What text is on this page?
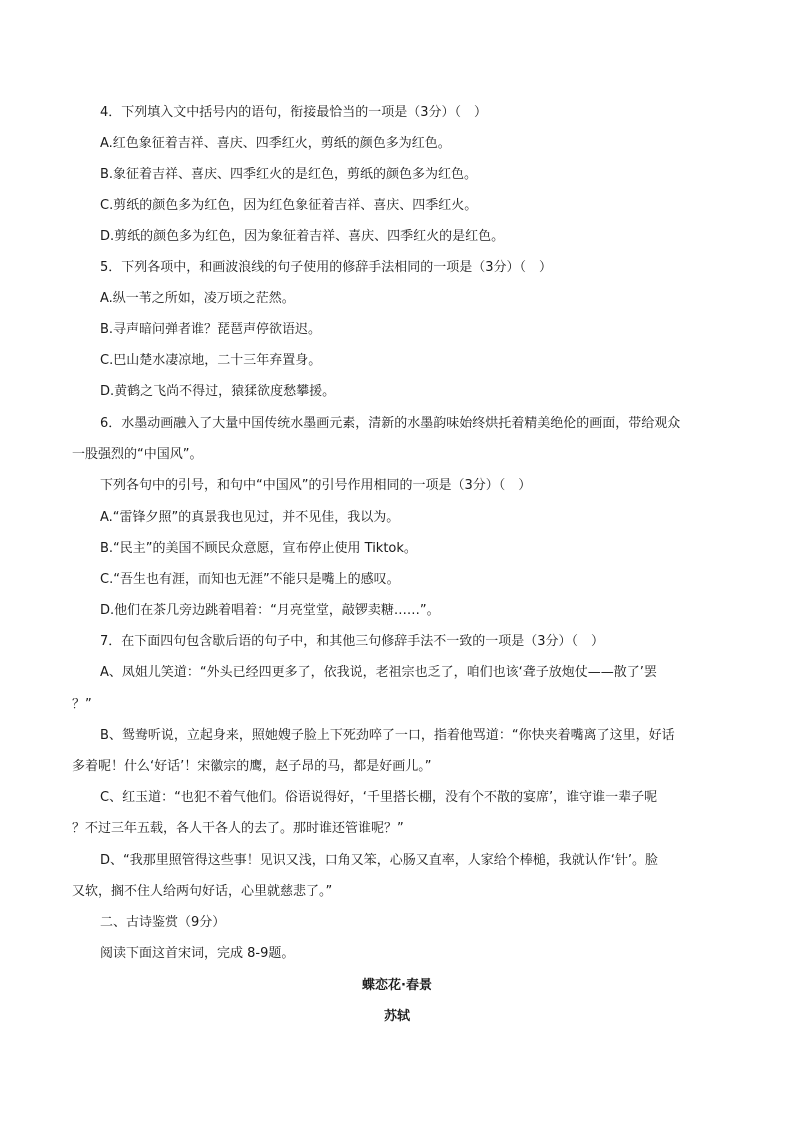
4．下列填入文中括号内的语句，衔接最恰当的一项是（3分）（　）
A.红色象征着吉祥、喜庆、四季红火，剪纸的颜色多为红色。
B.象征着吉祥、喜庆、四季红火的是红色，剪纸的颜色多为红色。
C.剪纸的颜色多为红色，因为红色象征着吉祥、喜庆、四季红火。
D.剪纸的颜色多为红色，因为象征着吉祥、喜庆、四季红火的是红色。
5．下列各项中，和画波浪线的句子使用的修辞手法相同的一项是（3分）（　）
A.纵一苇之所如，凌万顷之茫然。
B.寻声暗问弹者谁？琵琶声停欲语迟。
C.巴山楚水凄凉地，二十三年弃置身。
D.黄鹤之飞尚不得过，猿猱欲度愁攀援。
6．水墨动画融入了大量中国传统水墨画元素，清新的水墨韵味始终烘托着精美绝伦的画面，带给观众
一股强烈的“中国风”。
下列各句中的引号，和句中“中国风”的引号作用相同的一项是（3分）（　）
A.“雷锋夕照”的真景我也见过，并不见佳，我以为。
B.“民主”的美国不顾民众意愿，宣布停止使用 Tiktok。
C.“吾生也有涯，而知也无涯”不能只是嘴上的感叹。
D.他们在茶几旁边跳着唱着：“月亮堂堂，敲锣卖糖……”。
7．在下面四句包含歇后语的句子中，和其他三句修辞手法不一致的一项是（3分）（　）
A、凤姐儿笑道：“外头已经四更多了，依我说，老祖宗也乏了，咱们也该‘聋子放炮仗——散了’罢
？”
B、鸳鸯听说，立起身来，照她嫂子脸上下死劲啐了一口，指着他骂道：“你快夹着嘴离了这里，好话
多着呢！什么‘好话’！宋徽宗的鹰，赵子昂的马，都是好画儿。”
C、红玉道：“也犯不着气他们。俗语说得好，‘千里搭长棚，没有个不散的宴席’，谁守谁一辈子呢
？不过三年五载，各人干各人的去了。那时谁还管谁呢？”
D、“我那里照管得这些事！见识又浅，口角又笨，心肠又直率，人家给个棒槌，我就认作‘针’。脸
又软，搁不住人给两句好话，心里就慈悲了。”
二、古诗鉴赏（9分）
阅读下面这首宋词，完成 8-9题。
蝶恋花·春景
苏轼
